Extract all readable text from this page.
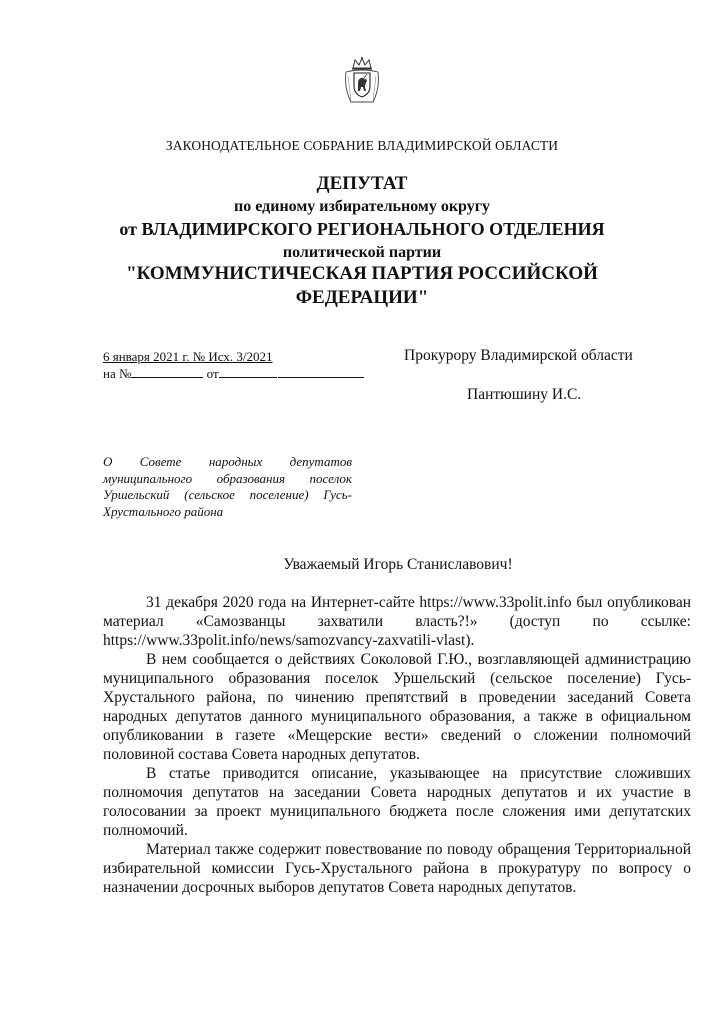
ЗАКОНОДАТЕЛЬНОЕ СОБРАНИЕ ВЛАДИМИРСКОЙ ОБЛАСТИ
ДЕПУТАТ
по единому избирательному округу
от ВЛАДИМИРСКОГО РЕГИОНАЛЬНОГО ОТДЕЛЕНИЯ
политической партии
"КОММУНИСТИЧЕСКАЯ ПАРТИЯ РОССИЙСКОЙ
ФЕДЕРАЦИИ"
6 января 2021 г. № Исх. 3/2021
на №	от
Прокурору Владимирской области
Пантюшину И.С.
О Совете народных депутатов муниципального образования поселок Уршельский (сельское поселение) Гусь-Хрустального района
Уважаемый Игорь Станиславович!

31 декабря 2020 года на Интернет-сайте https://www.33polit.info был опубликован материал «Самозванцы захватили власть?!» (доступ по ссылке: https://www.33polit.info/news/samozvancy-zaxvatili-vlast).

В нем сообщается о действиях Соколовой Г.Ю., возглавляющей администрацию муниципального образования поселок Уршельский (сельское поселение) Гусь-Хрустального района, по чинению препятствий в проведении заседаний Совета народных депутатов данного муниципального образования, а также в официальном опубликовании в газете «Мещерские вести» сведений о сложении полномочий половиной состава Совета народных депутатов.

В статье приводится описание, указывающее на присутствие сложивших полномочия депутатов на заседании Совета народных депутатов и их участие в голосовании за проект муниципального бюджета после сложения ими депутатских полномочий.

Материал также содержит повествование по поводу обращения Территориальной избирательной комиссии Гусь-Хрустального района в прокуратуру по вопросу о назначении досрочных выборов депутатов Совета народных депутатов.
